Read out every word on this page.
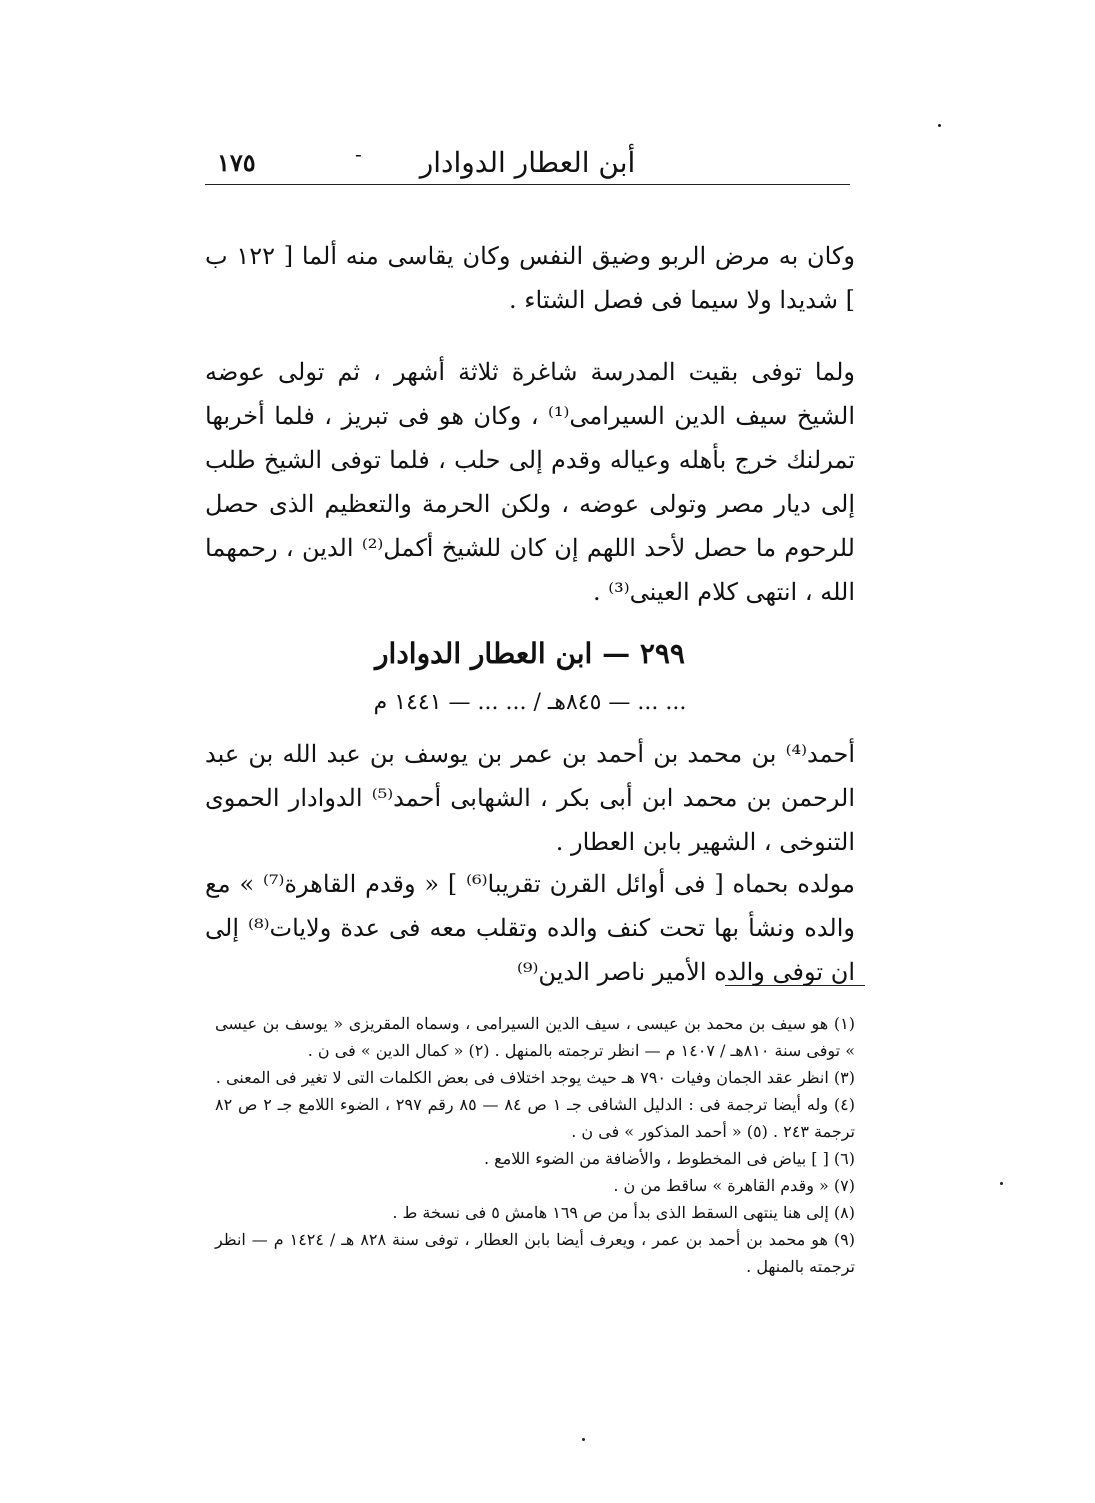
١٧٥	-	أبن العطار الدوادار

وكان به مرض الربو وضيق النفس وكان يقاسى منه ألما [ ١٢٢ ب ] شديدا ولا سيما فى فصل الشتاء .

ولما توفى بقيت المدرسة شاغرة ثلاثة أشهر ، ثم تولى عوضه الشيخ سيف الدين السيرامى⁽¹⁾ ، وكان هو فى تبريز ، فلما أخربها تمرلنك خرج بأهله وعياله وقدم إلى حلب ، فلما توفى الشيخ طلب إلى ديار مصر وتولى عوضه ، ولكن الحرمة والتعظيم الذى حصل للرحوم ما حصل لأحد اللهم إن كان للشيخ أكمل⁽²⁾ الدين ، رحمهما الله ، انتهى كلام العينى⁽³⁾ .

٢٩٩ — ابن العطار الدوادار
... ... — ٨٤٥هـ / ... ... — ١٤٤١ م

أحمد⁽⁴⁾ بن محمد بن أحمد بن عمر بن يوسف بن عبد الله بن عبد الرحمن بن محمد ابن أبى بكر ، الشهابى أحمد⁽⁵⁾ الدوادار الحموى التنوخى ، الشهير بابن العطار .

مولده بحماه [ فى أوائل القرن تقريبا⁽⁶⁾ ] « وقدم القاهرة⁽⁷⁾ » مع والده ونشأ بها تحت كنف والده وتقلب معه فى عدة ولايات⁽⁸⁾ إلى ان توفى والده الأمير ناصر الدين⁽⁹⁾

(١) هو سيف بن محمد بن عيسى ، سيف الدين السيرامى ، وسماه المقريزى « يوسف بن عيسى » توفى سنة ٨١٠هـ / ١٤٠٧ م — انظر ترجمته بالمنهل . (٢) « كمال الدين » فى ن .

(٣) انظر عقد الجمان وفيات ٧٩٠ هـ حيث يوجد اختلاف فى بعض الكلمات التى لا تغير فى المعنى .

(٤) وله أيضا ترجمة فى : الدليل الشافى جـ ١ ص ٨٤ — ٨٥ رقم ٢٩٧ ، الضوء اللامع جـ ٢ ص ٨٢ ترجمة ٢٤٣ . (٥) « أحمد المذكور » فى ن .

(٦) [ ] بياض فى المخطوط ، والأضافة من الضوء اللامع .

(٧) « وقدم القاهرة » ساقط من ن .

(٨) إلى هنا ينتهى السقط الذى بدأ من ص ١٦٩ هامش ٥ فى نسخة ط .

(٩) هو محمد بن أحمد بن عمر ، ويعرف أيضا بابن العطار ، توفى سنة ٨٢٨ هـ / ١٤٢٤ م — انظر ترجمته بالمنهل .
